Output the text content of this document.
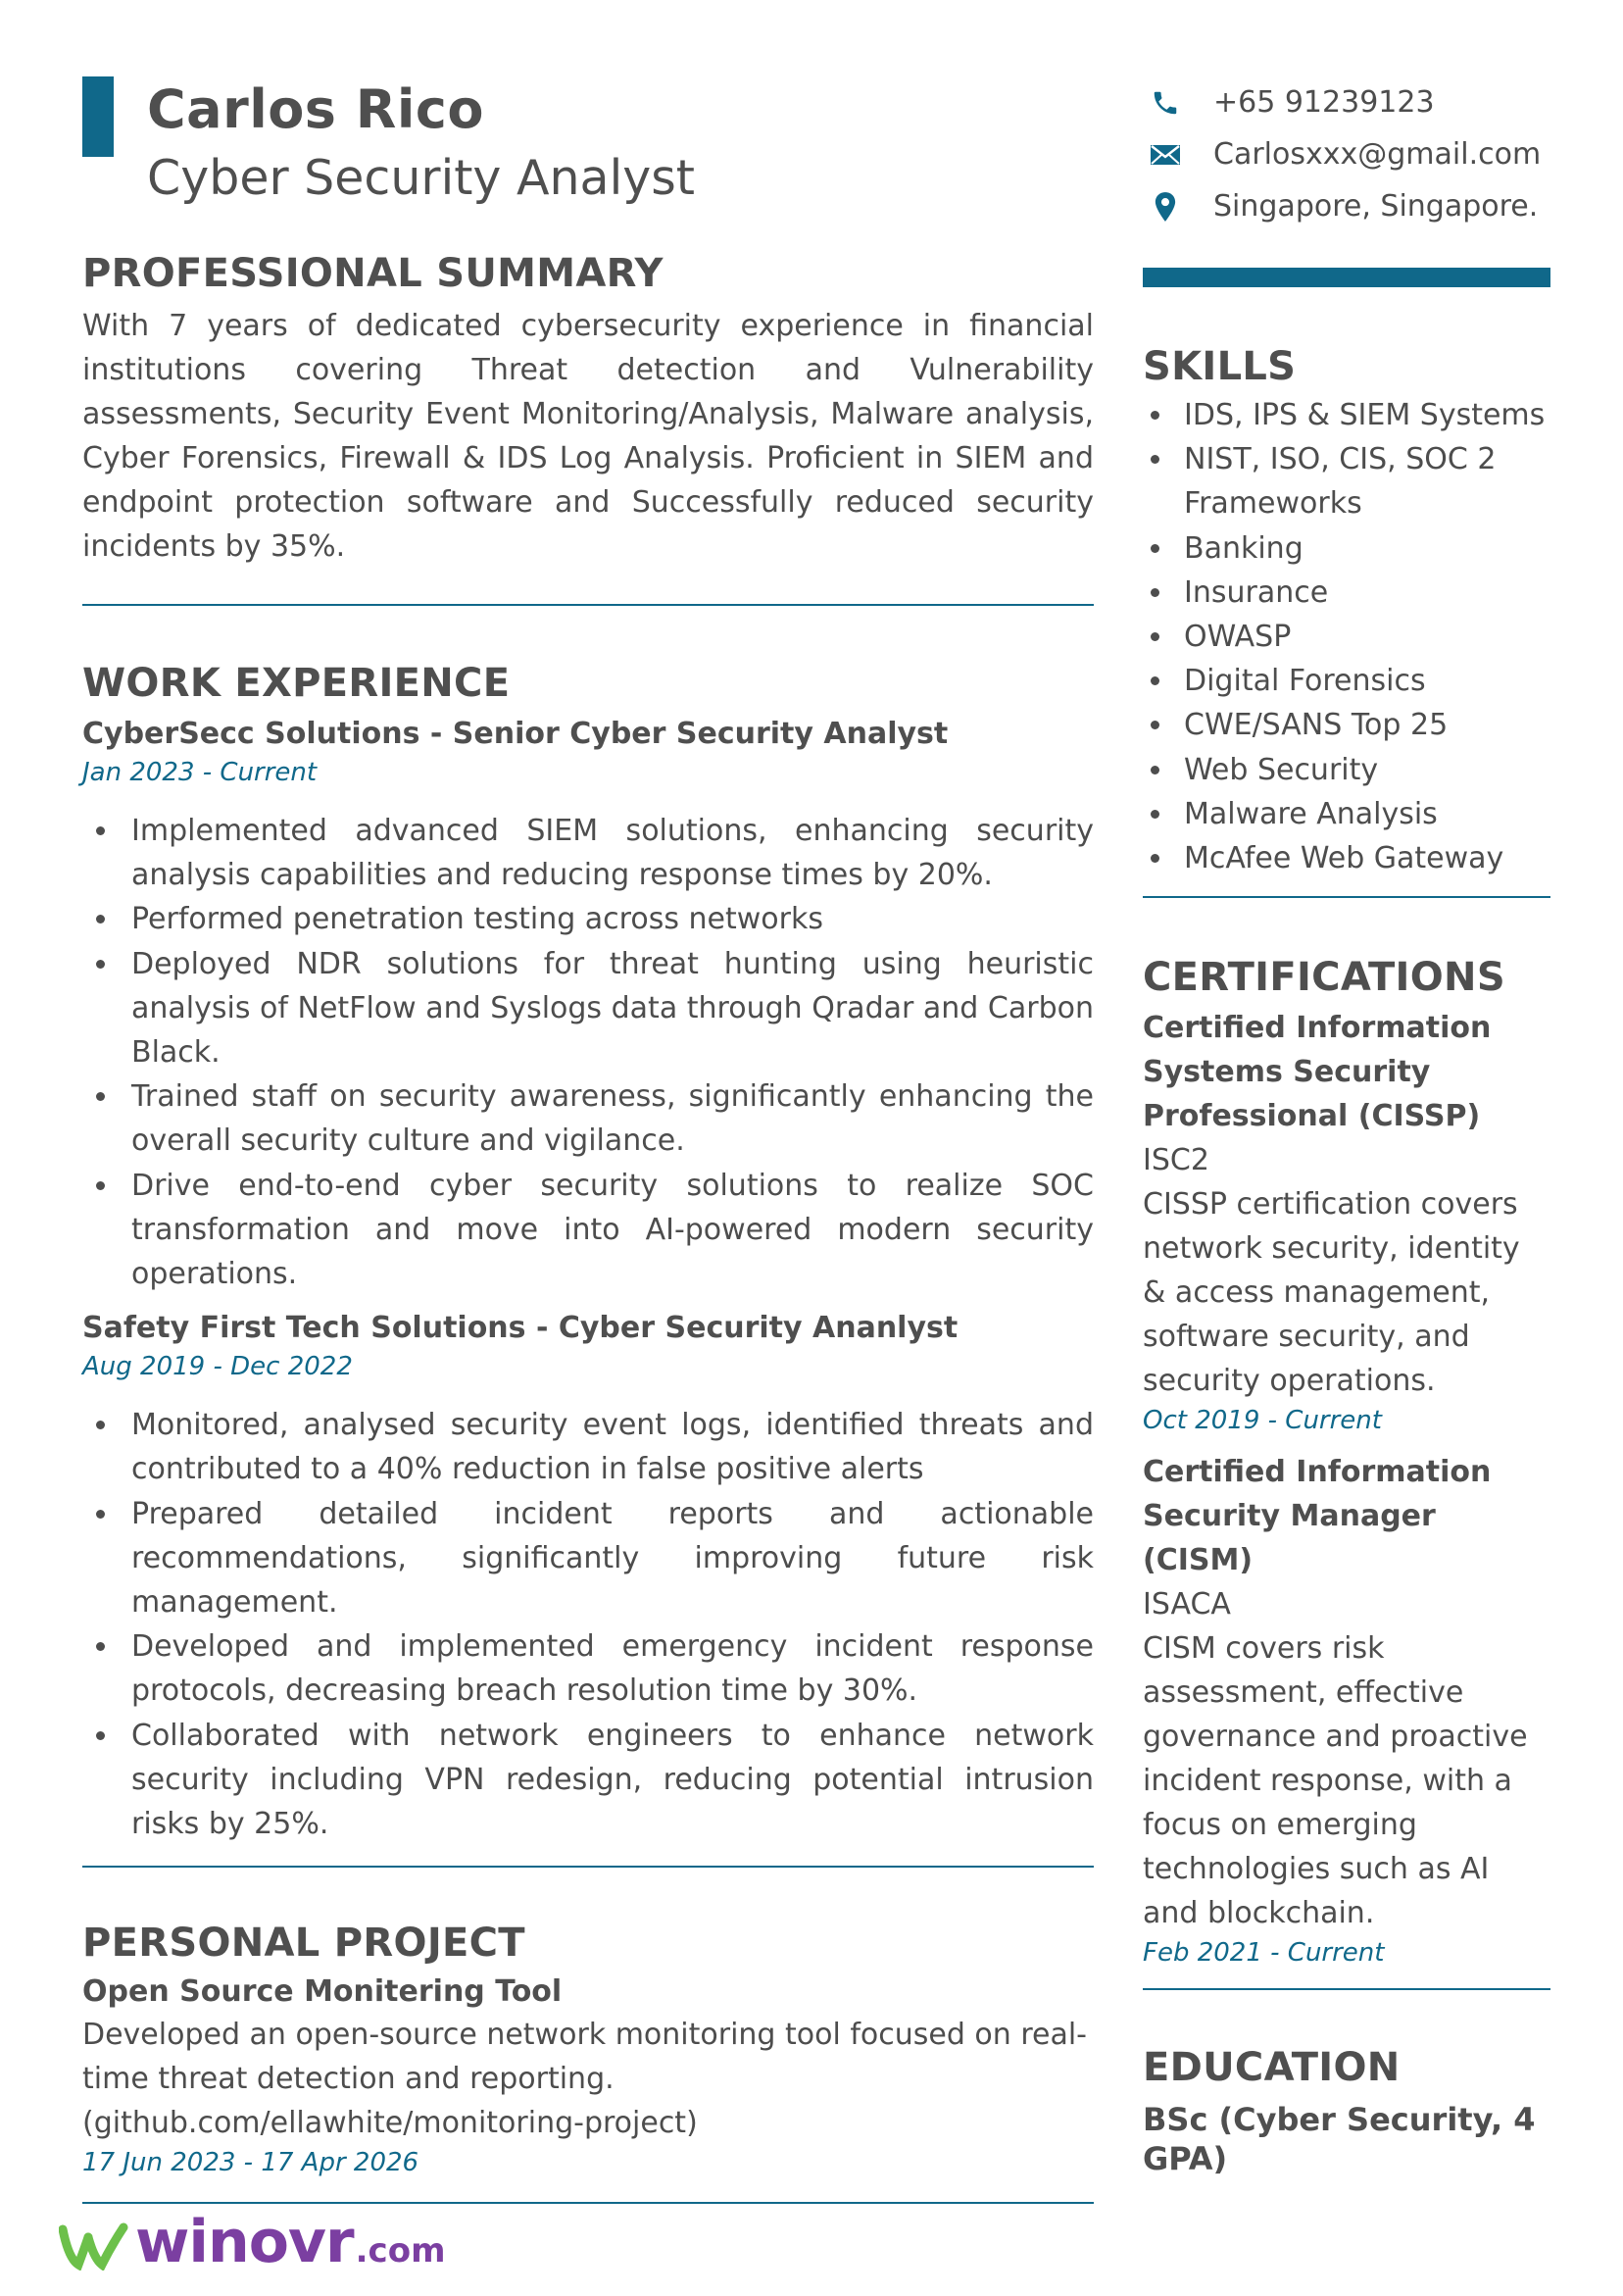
Carlos Rico
Cyber Security Analyst
PROFESSIONAL SUMMARY

With 7 years of dedicated cybersecurity experience in financial institutions covering Threat detection and Vulnerability assessments, Security Event Monitoring/Analysis, Malware analysis, Cyber Forensics, Firewall & IDS Log Analysis. Proficient in SIEM and endpoint protection software and Successfully reduced security incidents by 35%.

WORK EXPERIENCE
CyberSecc Solutions - Senior Cyber Security Analyst
Jan 2023 - Current
Implemented advanced SIEM solutions, enhancing security analysis capabilities and reducing response times by 20%.
Performed penetration testing across networks
Deployed NDR solutions for threat hunting using heuristic analysis of NetFlow and Syslogs data through Qradar and Carbon Black.
Trained staff on security awareness, significantly enhancing the overall security culture and vigilance.
Drive end-to-end cyber security solutions to realize SOC transformation and move into AI-powered modern security operations.
Safety First Tech Solutions - Cyber Security Ananlyst
Aug 2019 - Dec 2022
Monitored, analysed security event logs, identified threats and contributed to a 40% reduction in false positive alerts
Prepared detailed incident reports and actionable recommendations, significantly improving future risk management.
Developed and implemented emergency incident response protocols, decreasing breach resolution time by 30%.
Collaborated with network engineers to enhance network security including VPN redesign, reducing potential intrusion risks by 25%.
PERSONAL PROJECT
Open Source Monitering Tool

Developed an open-source network monitoring tool focused on real-time threat detection and reporting. (github.com/ellawhite/monitoring-project)

17 Jun 2023 - 17 Apr 2026
+65 91239123
Carlosxxx@gmail.com
Singapore, Singapore.
SKILLS
IDS, IPS & SIEM Systems
NIST, ISO, CIS, SOC 2 Frameworks
Banking
Insurance
OWASP
Digital Forensics
CWE/SANS Top 25
Web Security
Malware Analysis
McAfee Web Gateway
CERTIFICATIONS
Certified Information Systems Security Professional (CISSP)
ISC2
CISSP certification covers network security, identity & access management, software security, and security operations.
Oct 2019 - Current
Certified Information Security Manager (CISM)
ISACA
CISM covers risk assessment, effective governance and proactive incident response, with a focus on emerging technologies such as AI and blockchain.
Feb 2021 - Current
EDUCATION
BSc (Cyber Security, 4 GPA)
winovr .com
